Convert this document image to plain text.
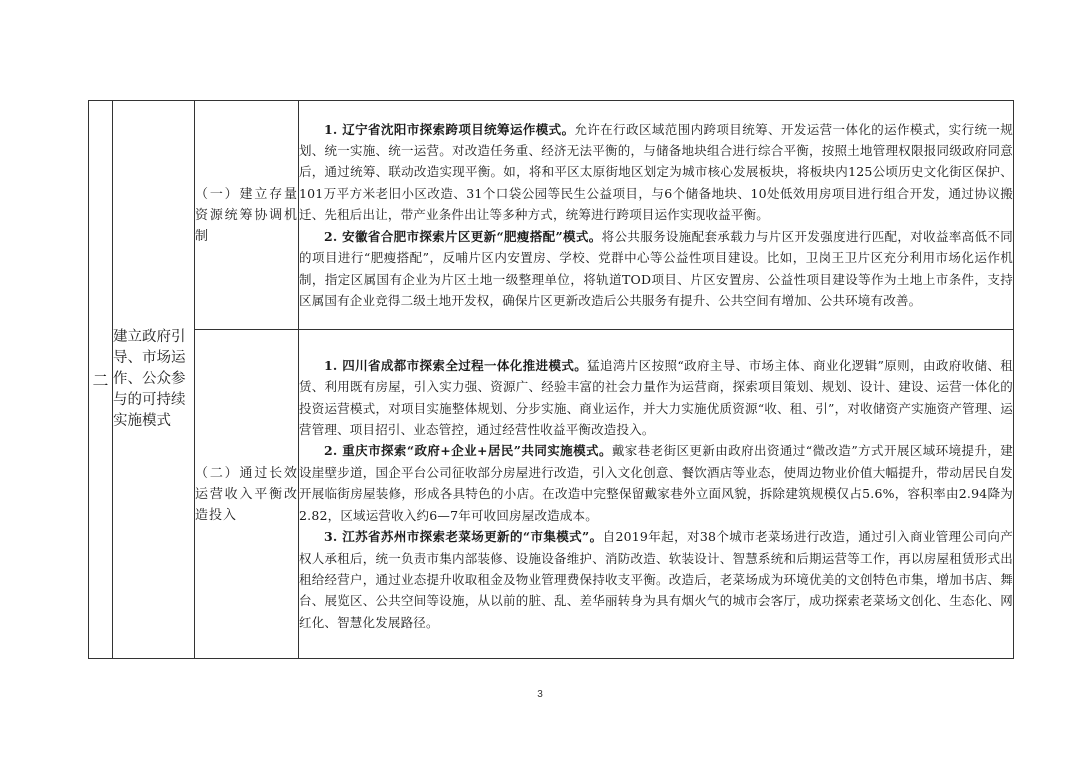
二	建立政府引导、市场运作、公众参与的可持续实施模式	（一）建立存量资源统筹协调机制	1. 辽宁省沈阳市探索跨项目统筹运作模式。允许在行政区域范围内跨项目统筹、开发运营一体化的运作模式，实行统一规划、统一实施、统一运营。对改造任务重、经济无法平衡的，与储备地块组合进行综合平衡，按照土地管理权限报同级政府同意后，通过统筹、联动改造实现平衡。如，将和平区太原街地区划定为城市核心发展板块，将板块内125公顷历史文化街区保护、101万平方米老旧小区改造、31个口袋公园等民生公益项目，与6个储备地块、10处低效用房项目进行组合开发，通过协议搬迁、先租后出让，带产业条件出让等多种方式，统筹进行跨项目运作实现收益平衡。

2. 安徽省合肥市探索片区更新“肥瘦搭配”模式。将公共服务设施配套承载力与片区开发强度进行匹配，对收益率高低不同的项目进行“肥瘦搭配”，反哺片区内安置房、学校、党群中心等公益性项目建设。比如，卫岗王卫片区充分利用市场化运作机制，指定区属国有企业为片区土地一级整理单位，将轨道TOD项目、片区安置房、公益性项目建设等作为土地上市条件，支持区属国有企业竞得二级土地开发权，确保片区更新改造后公共服务有提升、公共空间有增加、公共环境有改善。

		（二）通过长效运营收入平衡改造投入	1. 四川省成都市探索全过程一体化推进模式。猛追湾片区按照“政府主导、市场主体、商业化逻辑”原则，由政府收储、租赁、利用既有房屋，引入实力强、资源广、经验丰富的社会力量作为运营商，探索项目策划、规划、设计、建设、运营一体化的投资运营模式，对项目实施整体规划、分步实施、商业运作，并大力实施优质资源“收、租、引”，对收储资产实施资产管理、运营管理、项目招引、业态管控，通过经营性收益平衡改造投入。

2. 重庆市探索“政府+企业+居民”共同实施模式。戴家巷老街区更新由政府出资通过“微改造”方式开展区域环境提升，建设崖壁步道，国企平台公司征收部分房屋进行改造，引入文化创意、餐饮酒店等业态，使周边物业价值大幅提升，带动居民自发开展临街房屋装修，形成各具特色的小店。在改造中完整保留戴家巷外立面风貌，拆除建筑规模仅占5.6%，容积率由2.94降为2.82，区域运营收入约6—7年可收回房屋改造成本。

3. 江苏省苏州市探索老菜场更新的“市集模式”。自2019年起，对38个城市老菜场进行改造，通过引入商业管理公司向产权人承租后，统一负责市集内部装修、设施设备维护、消防改造、软装设计、智慧系统和后期运营等工作，再以房屋租赁形式出租给经营户，通过业态提升收取租金及物业管理费保持收支平衡。改造后，老菜场成为环境优美的文创特色市集，增加书店、舞台、展览区、公共空间等设施，从以前的脏、乱、差华丽转身为具有烟火气的城市会客厅，成功探索老菜场文创化、生态化、网红化、智慧化发展路径。

3
